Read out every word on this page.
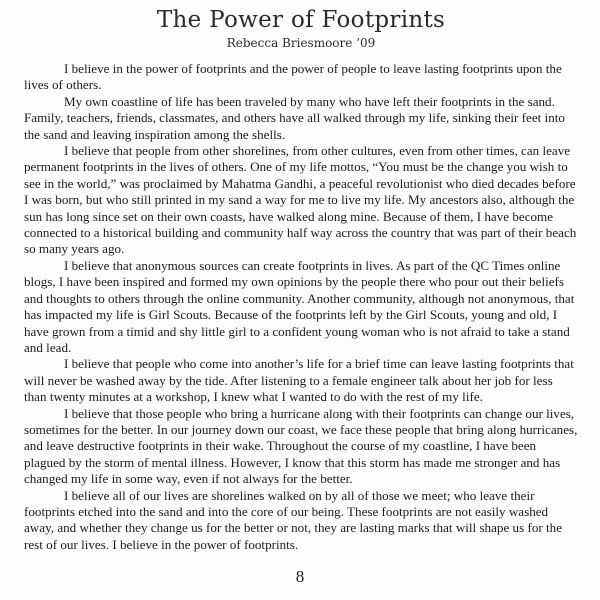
The Power of Footprints
Rebecca Briesmoore ’09

I believe in the power of footprints and the power of people to leave lasting footprints upon the lives of others.

My own coastline of life has been traveled by many who have left their footprints in the sand. Family, teachers, friends, classmates, and others have all walked through my life, sinking their feet into the sand and leaving inspiration among the shells.

I believe that people from other shorelines, from other cultures, even from other times, can leave permanent footprints in the lives of others. One of my life mottos, “You must be the change you wish to see in the world,” was proclaimed by Mahatma Gandhi, a peaceful revolutionist who died decades before I was born, but who still printed in my sand a way for me to live my life. My ancestors also, although the sun has long since set on their own coasts, have walked along mine. Because of them, I have become connected to a historical building and community half way across the country that was part of their beach so many years ago.

I believe that anonymous sources can create footprints in lives. As part of the QC Times online blogs, I have been inspired and formed my own opinions by the people there who pour out their beliefs and thoughts to others through the online community. Another community, although not anonymous, that has impacted my life is Girl Scouts. Because of the footprints left by the Girl Scouts, young and old, I have grown from a timid and shy little girl to a confident young woman who is not afraid to take a stand and lead.

I believe that people who come into another’s life for a brief time can leave lasting footprints that will never be washed away by the tide. After listening to a female engineer talk about her job for less than twenty minutes at a workshop, I knew what I wanted to do with the rest of my life.

I believe that those people who bring a hurricane along with their footprints can change our lives, sometimes for the better. In our journey down our coast, we face these people that bring along hurricanes, and leave destructive footprints in their wake. Throughout the course of my coastline, I have been plagued by the storm of mental illness. However, I know that this storm has made me stronger and has changed my life in some way, even if not always for the better.

I believe all of our lives are shorelines walked on by all of those we meet; who leave their footprints etched into the sand and into the core of our being. These footprints are not easily washed away, and whether they change us for the better or not, they are lasting marks that will shape us for the rest of our lives. I believe in the power of footprints.

8
